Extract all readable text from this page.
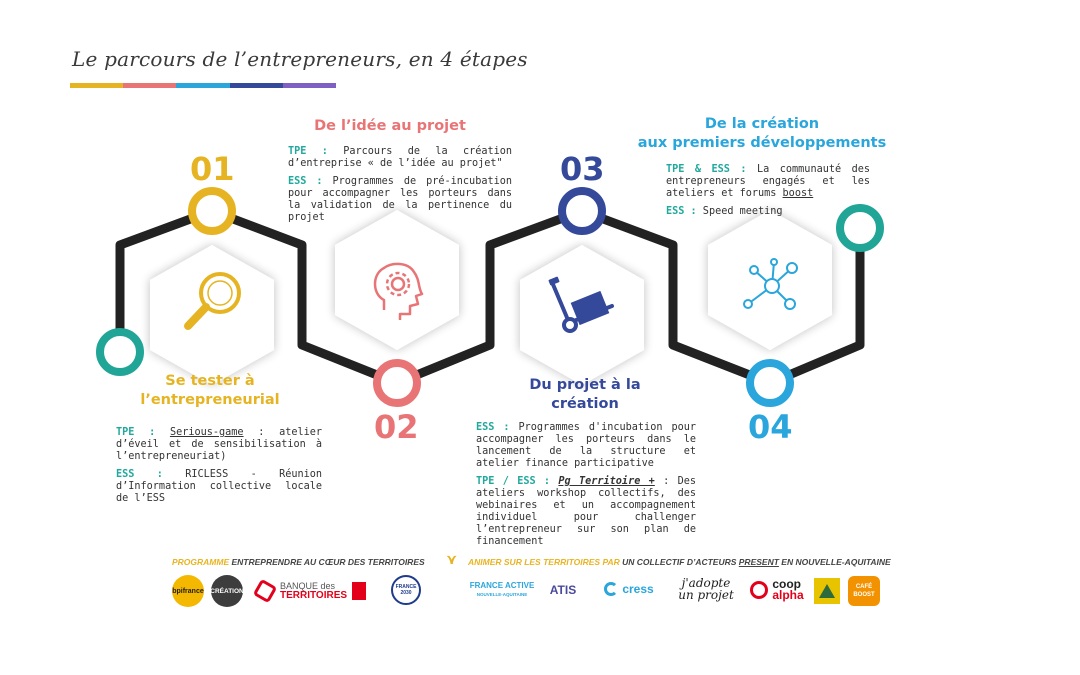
Le parcours de l’entrepreneurs, en 4 étapes
01
02
03
04
Se tester à l’entrepreneurial
De l’idée au projet
Du projet à la création
De la création
aux premiers développements

TPE : Serious-game : atelier d’éveil et de sensibilisation à l’entrepreneuriat)

ESS : RICLESS - Réunion d’Information collective locale de l’ESS

TPE : Parcours de la création d’entreprise « de l’idée au projet"

ESS : Programmes de pré-incubation pour accompagner les porteurs dans la validation de la pertinence du projet

ESS : Programmes d'incubation pour accompagner les porteurs dans le lancement de la structure et atelier finance participative

TPE / ESS : Pg Territoire + : Des ateliers workshop collectifs, des webinaires et un accompagnement individuel pour challenger l’entrepreneur sur son plan de financement

TPE & ESS : La communauté des entrepreneurs engagés et les ateliers et forums boost

ESS : Speed meeting

PROGRAMME ENTREPRENDRE AU CŒUR DES TERRITOIRES ⋎ ANIMER SUR LES TERRITOIRES PAR UN COLLECTIF D’ACTEURS PRESENT EN NOUVELLE-AQUITAINE
bpifrance CRÉATION	BANQUE des
TERRITOIRES
FRANCE 2030
FRANCE ACTIVE
NOUVELLE-AQUITAINE ATIS	cress j'adopte
un projet
coop
alpha
CAFÉ
BOOST
